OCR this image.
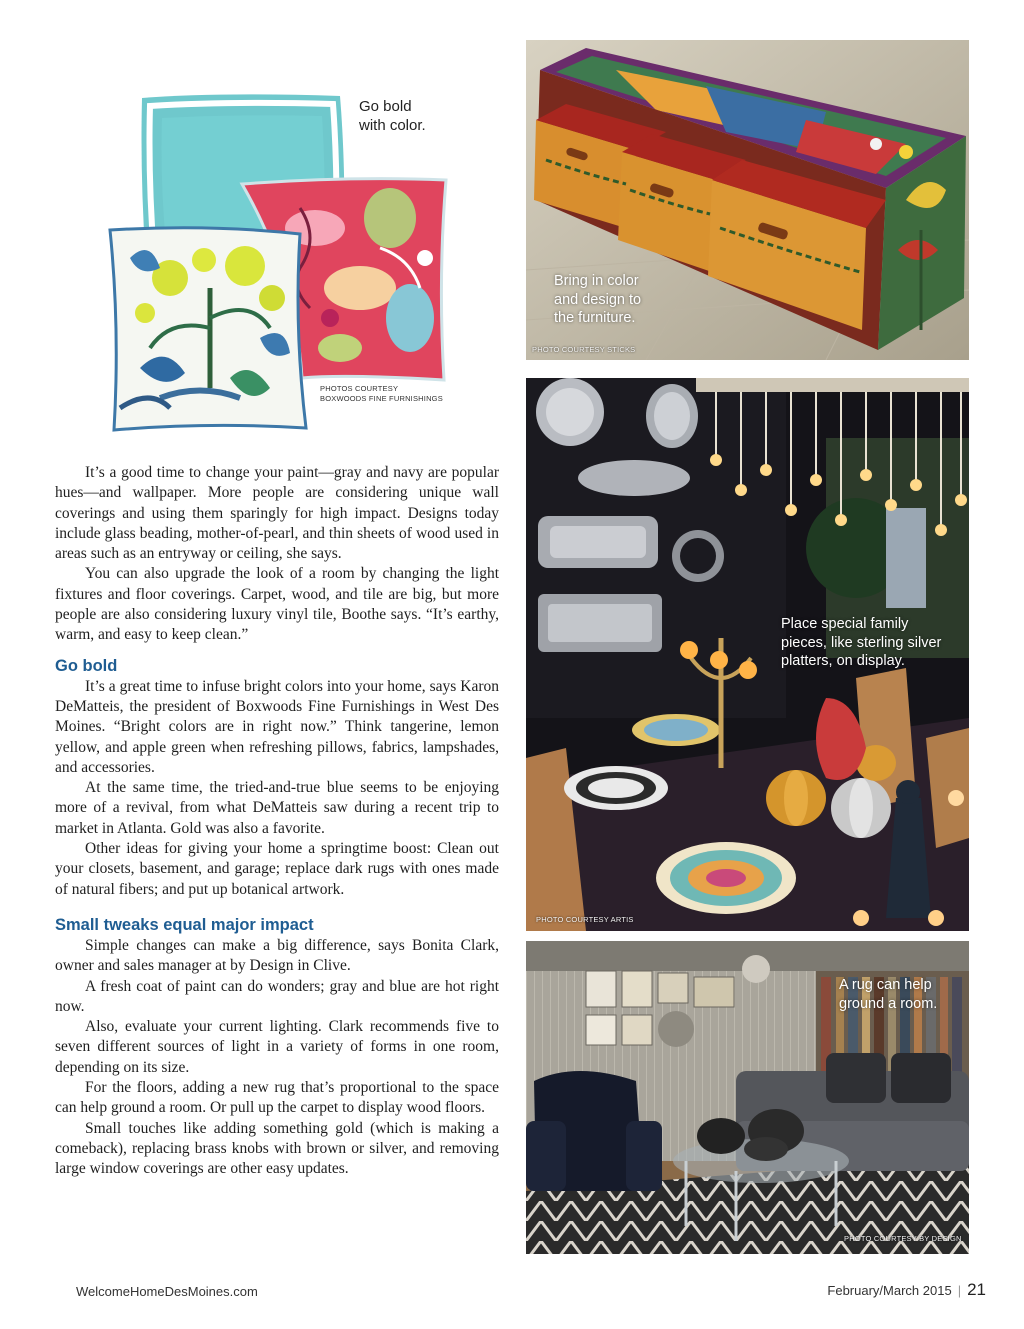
Go bold
with color.
PHOTOS COURTESY
BOXWOODS FINE FURNISHINGS
Bring in color
and design to
the furniture.
PHOTO COURTESY STICKS
Place special family
pieces, like sterling silver
platters, on display.
PHOTO COURTESY ARTIS
A rug can help
ground a room.
PHOTO COURTESY BY DESIGN

It’s a good time to change your paint—gray and navy are popular hues—and wallpaper. More people are considering unique wall coverings and using them sparingly for high impact. Designs today include glass beading, mother-of-pearl, and thin sheets of wood used in areas such as an entryway or ceiling, she says.

You can also upgrade the look of a room by changing the light fixtures and floor coverings. Carpet, wood, and tile are big, but more people are also considering luxury vinyl tile, Boothe says. “It’s earthy, warm, and easy to keep clean.”

Go bold

It’s a great time to infuse bright colors into your home, says Karon DeMatteis, the president of Boxwoods Fine Furnishings in West Des Moines. “Bright colors are in right now.” Think tangerine, lemon yellow, and apple green when refreshing pillows, fabrics, lampshades, and accessories.

At the same time, the tried-and-true blue seems to be enjoying more of a revival, from what DeMatteis saw during a recent trip to market in Atlanta. Gold was also a favorite.

Other ideas for giving your home a springtime boost: Clean out your closets, basement, and garage; replace dark rugs with ones made of natural fibers; and put up botanical artwork.

Small tweaks equal major impact

Simple changes can make a big difference, says Bonita Clark, owner and sales manager at by Design in Clive.

A fresh coat of paint can do wonders; gray and blue are hot right now.

Also, evaluate your current lighting. Clark recommends five to seven different sources of light in a variety of forms in one room, depending on its size.

For the floors, adding a new rug that’s proportional to the space can help ground a room. Or pull up the carpet to display wood floors.

Small touches like adding something gold (which is making a comeback), replacing brass knobs with brown or silver, and removing large window coverings are other easy updates.

WelcomeHomeDesMoines.com	February/March 2015 | 21
